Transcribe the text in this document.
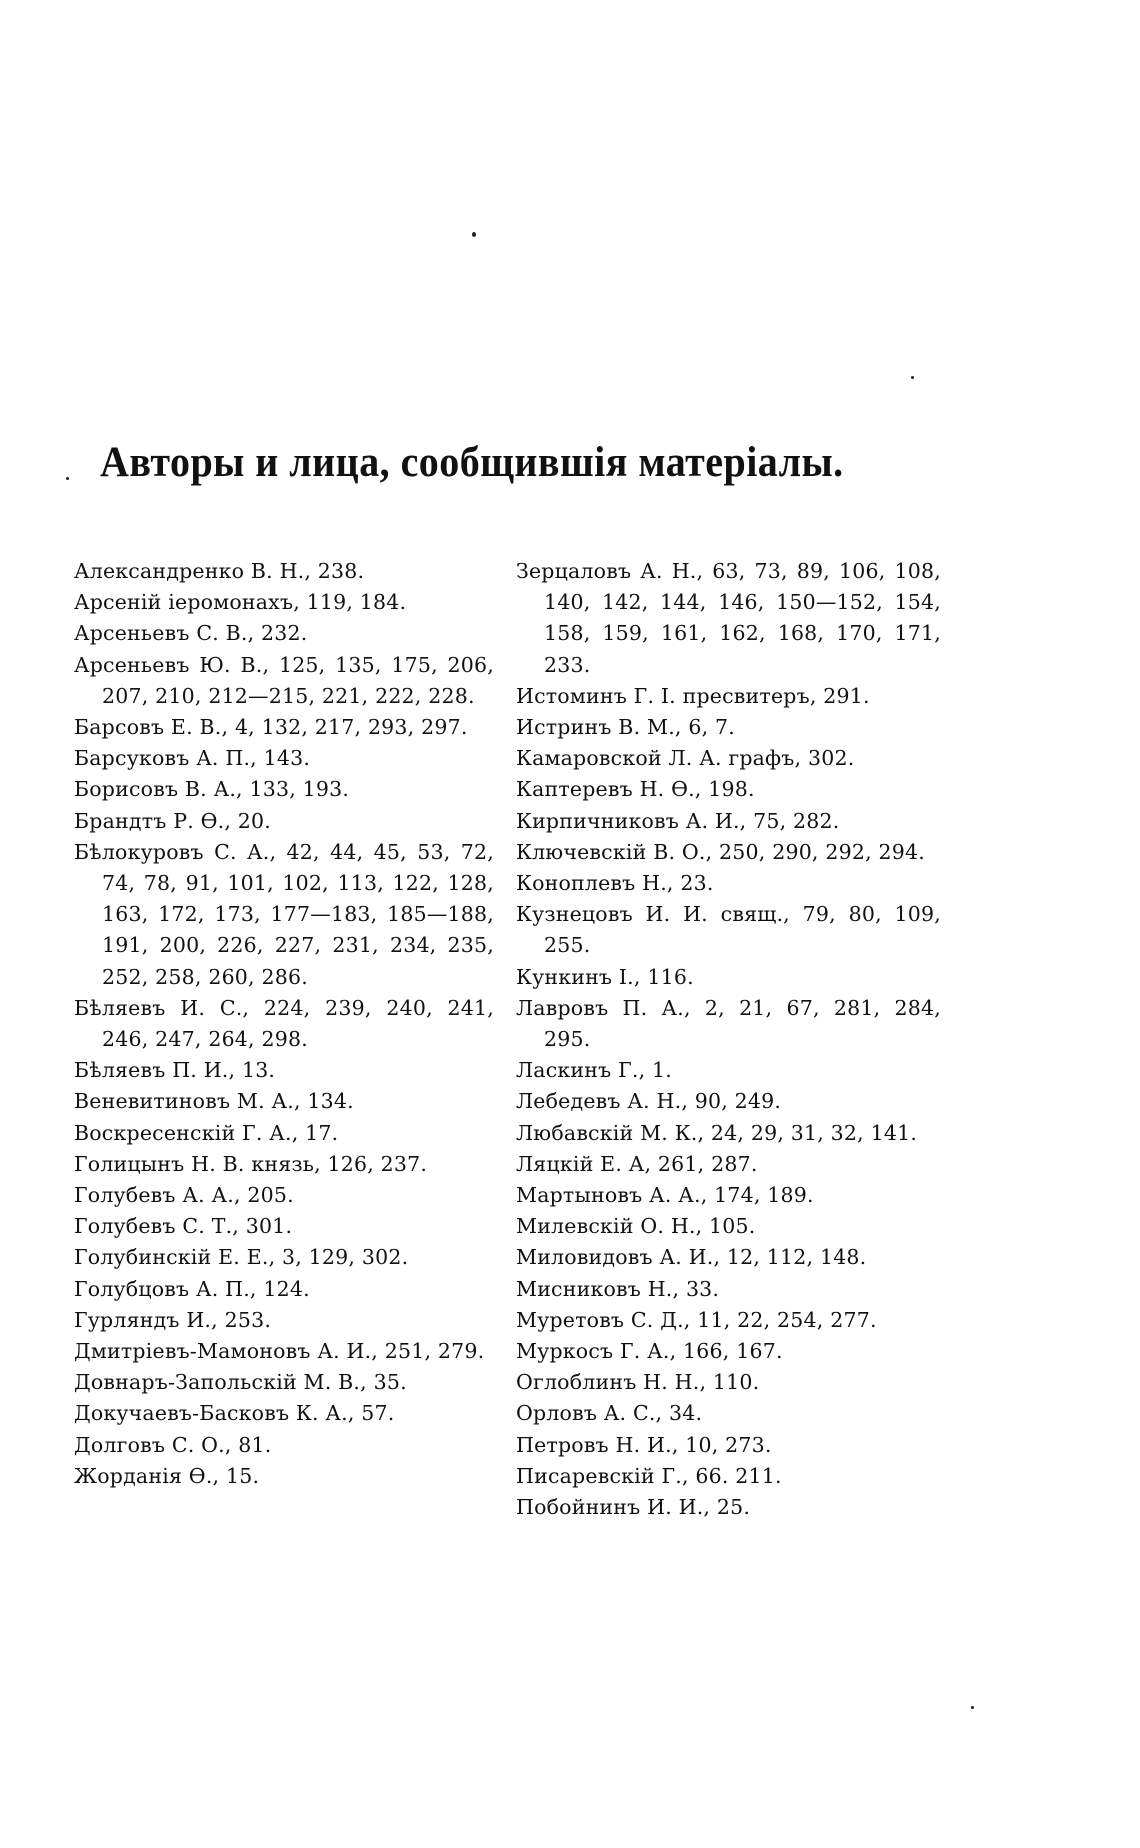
Авторы и лица, сообщившія матеріалы.

Александренко В. Н., 238.

Арсеній іеромонахъ, 119, 184.

Арсеньевъ С. В., 232.

Арсеньевъ Ю. В., 125, 135, 175, 206, 207, 210, 212—215, 221, 222, 228.

Барсовъ Е. В., 4, 132, 217, 293, 297.

Барсуковъ А. П., 143.

Борисовъ В. А., 133, 193.

Брандтъ Р. Ѳ., 20.

Бѣлокуровъ С. А., 42, 44, 45, 53, 72, 74, 78, 91, 101, 102, 113, 122, 128, 163, 172, 173, 177—183, 185—188, 191, 200, 226, 227, 231, 234, 235, 252, 258, 260, 286.

Бѣляевъ И. С., 224, 239, 240, 241, 246, 247, 264, 298.

Бѣляевъ П. И., 13.

Веневитиновъ М. А., 134.

Воскресенскій Г. А., 17.

Голицынъ Н. В. князь, 126, 237.

Голубевъ А. А., 205.

Голубевъ С. Т., 301.

Голубинскій Е. Е., 3, 129, 302.

Голубцовъ А. П., 124.

Гурляндъ И., 253.

Дмитріевъ-Мамоновъ А. И., 251, 279.

Довнаръ-Запольскій М. В., 35.

Докучаевъ-Басковъ К. А., 57.

Долговъ С. О., 81.

Жорданія Ѳ., 15.

Зерцаловъ А. Н., 63, 73, 89, 106, 108, 140, 142, 144, 146, 150—152, 154, 158, 159, 161, 162, 168, 170, 171, 233.

Истоминъ Г. І. пресвитеръ, 291.

Истринъ В. М., 6, 7.

Камаровской Л. А. графъ, 302.

Каптеревъ Н. Ѳ., 198.

Кирпичниковъ А. И., 75, 282.

Ключевскій В. О., 250, 290, 292, 294.

Коноплевъ Н., 23.

Кузнецовъ И. И. свящ., 79, 80, 109, 255.

Кункинъ І., 116.

Лавровъ П. А., 2, 21, 67, 281, 284, 295.

Ласкинъ Г., 1.

Лебедевъ А. Н., 90, 249.

Любавскій М. К., 24, 29, 31, 32, 141.

Ляцкій Е. А, 261, 287.

Мартыновъ А. А., 174, 189.

Милевскій О. Н., 105.

Миловидовъ А. И., 12, 112, 148.

Мисниковъ Н., 33.

Муретовъ С. Д., 11, 22, 254, 277.

Муркосъ Г. А., 166, 167.

Оглоблинъ Н. Н., 110.

Орловъ А. С., 34.

Петровъ Н. И., 10, 273.

Писаревскій Г., 66. 211.

Побойнинъ И. И., 25.
